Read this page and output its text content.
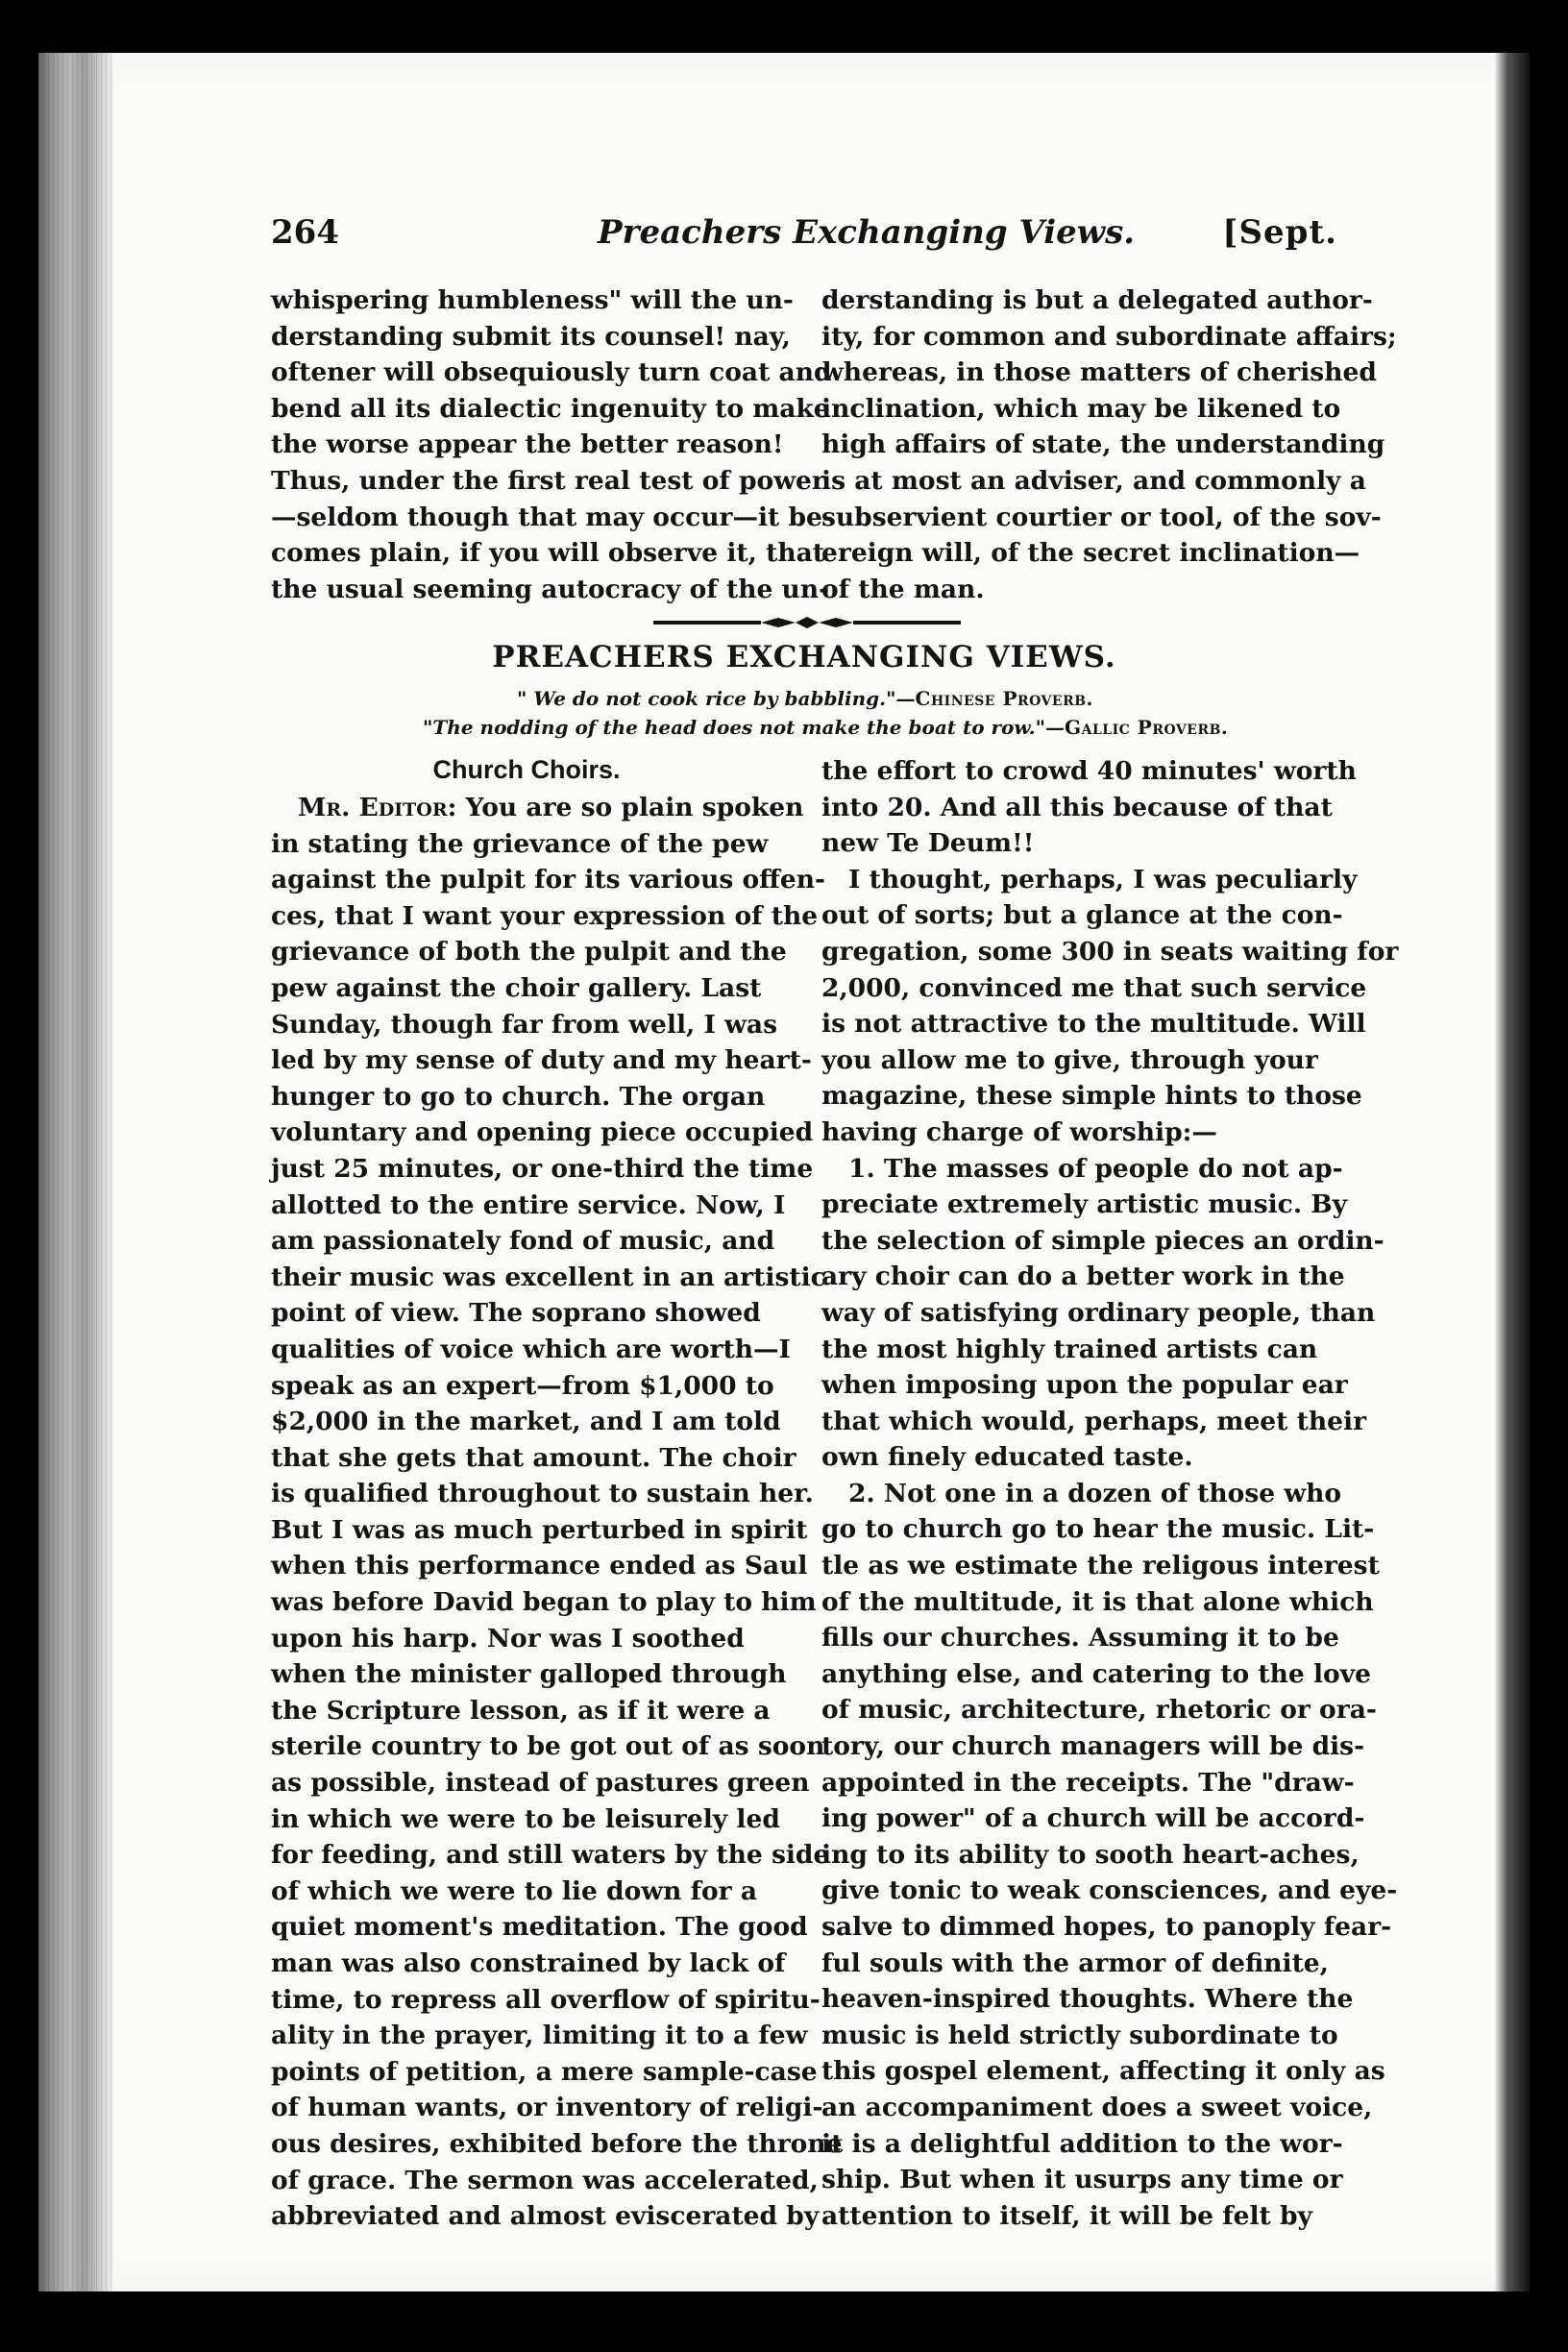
264	Preachers Exchanging Views.	[Sept.
whispering humbleness" will the un-
derstanding submit its counsel! nay,
oftener will obsequiously turn coat and
bend all its dialectic ingenuity to make
the worse appear the better reason!
Thus, under the first real test of power
—seldom though that may occur—it be-
comes plain, if you will observe it, that
the usual seeming autocracy of the un-
derstanding is but a delegated author-
ity, for common and subordinate affairs;
whereas, in those matters of cherished
inclination, which may be likened to
high affairs of state, the understanding
is at most an adviser, and commonly a
subservient courtier or tool, of the sov-
ereign will, of the secret inclination—
of the man.
PREACHERS EXCHANGING VIEWS.
" We do not cook rice by babbling."—Chinese Proverb.
"The nodding of the head does not make the boat to row."—Gallic Proverb.
Church Choirs.
Mr. Editor: You are so plain spoken
in stating the grievance of the pew
against the pulpit for its various offen-
ces, that I want your expression of the
grievance of both the pulpit and the
pew against the choir gallery. Last
Sunday, though far from well, I was
led by my sense of duty and my heart-
hunger to go to church. The organ
voluntary and opening piece occupied
just 25 minutes, or one-third the time
allotted to the entire service. Now, I
am passionately fond of music, and
their music was excellent in an artistic
point of view. The soprano showed
qualities of voice which are worth—I
speak as an expert—from $1,000 to
$2,000 in the market, and I am told
that she gets that amount. The choir
is qualified throughout to sustain her.
But I was as much perturbed in spirit
when this performance ended as Saul
was before David began to play to him
upon his harp. Nor was I soothed
when the minister galloped through
the Scripture lesson, as if it were a
sterile country to be got out of as soon
as possible, instead of pastures green
in which we were to be leisurely led
for feeding, and still waters by the side
of which we were to lie down for a
quiet moment's meditation. The good
man was also constrained by lack of
time, to repress all overflow of spiritu-
ality in the prayer, limiting it to a few
points of petition, a mere sample-case
of human wants, or inventory of religi-
ous desires, exhibited before the throne
of grace. The sermon was accelerated,
abbreviated and almost eviscerated by
the effort to crowd 40 minutes' worth
into 20. And all this because of that
new Te Deum!!
I thought, perhaps, I was peculiarly
out of sorts; but a glance at the con-
gregation, some 300 in seats waiting for
2,000, convinced me that such service
is not attractive to the multitude. Will
you allow me to give, through your
magazine, these simple hints to those
having charge of worship:—
1. The masses of people do not ap-
preciate extremely artistic music. By
the selection of simple pieces an ordin-
ary choir can do a better work in the
way of satisfying ordinary people, than
the most highly trained artists can
when imposing upon the popular ear
that which would, perhaps, meet their
own finely educated taste.
2. Not one in a dozen of those who
go to church go to hear the music. Lit-
tle as we estimate the religous interest
of the multitude, it is that alone which
fills our churches. Assuming it to be
anything else, and catering to the love
of music, architecture, rhetoric or ora-
tory, our church managers will be dis-
appointed in the receipts. The "draw-
ing power" of a church will be accord-
ing to its ability to sooth heart-aches,
give tonic to weak consciences, and eye-
salve to dimmed hopes, to panoply fear-
ful souls with the armor of definite,
heaven-inspired thoughts. Where the
music is held strictly subordinate to
this gospel element, affecting it only as
an accompaniment does a sweet voice,
it is a delightful addition to the wor-
ship. But when it usurps any time or
attention to itself, it will be felt by
